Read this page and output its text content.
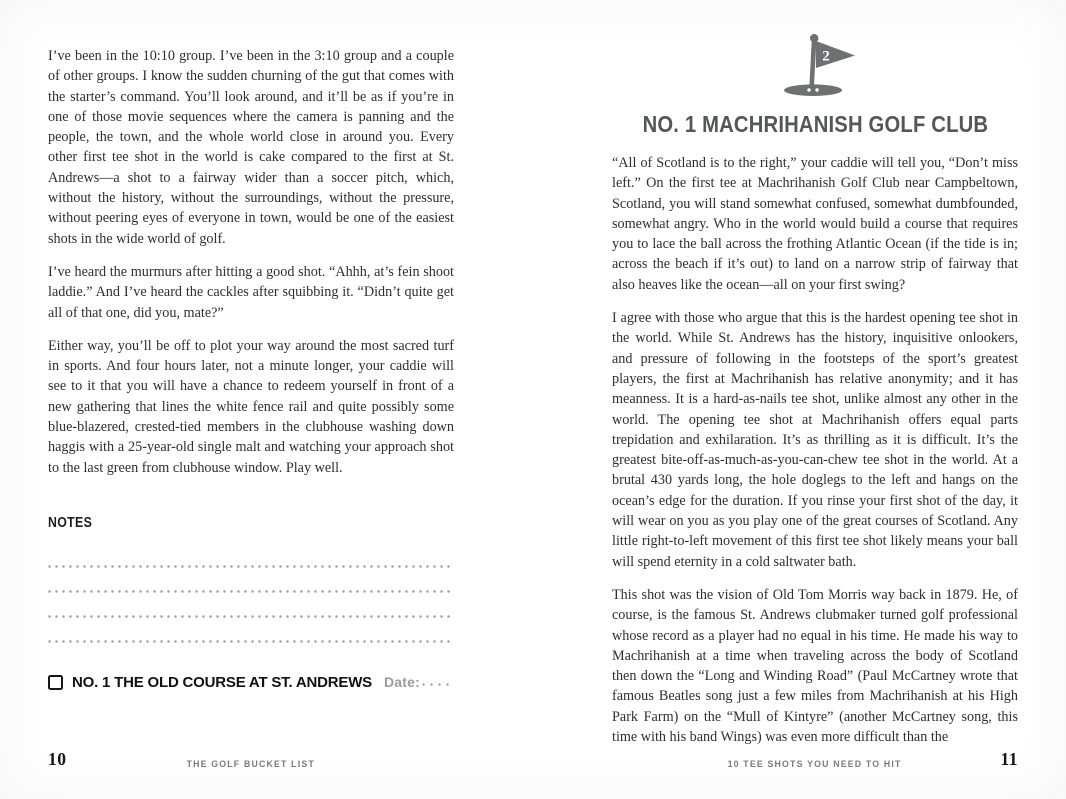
I’ve been in the 10:10 group. I’ve been in the 3:10 group and a couple of other groups. I know the sudden churning of the gut that comes with the starter’s command. You’ll look around, and it’ll be as if you’re in one of those movie sequences where the camera is panning and the people, the town, and the whole world close in around you. Every other first tee shot in the world is cake compared to the first at St. Andrews—a shot to a fairway wider than a soccer pitch, which, without the history, without the surroundings, without the pressure, without peering eyes of everyone in town, would be one of the easiest shots in the wide world of golf.

I’ve heard the murmurs after hitting a good shot. “Ahhh, at’s fein shoot laddie.” And I’ve heard the cackles after squibbing it. “Didn’t quite get all of that one, did you, mate?”

Either way, you’ll be off to plot your way around the most sacred turf in sports. And four hours later, not a minute longer, your caddie will see to it that you will have a chance to redeem yourself in front of a new gathering that lines the white fence rail and quite possibly some blue-blazered, crested-tied members in the clubhouse washing down haggis with a 25-year-old single malt and watching your approach shot to the last green from clubhouse window. Play well.

NOTES
NO. 1 THE OLD COURSE AT ST. ANDREWS Date:
10	THE GOLF BUCKET LIST
2
NO. 1 MACHRIHANISH GOLF CLUB

“All of Scotland is to the right,” your caddie will tell you, “Don’t miss left.” On the first tee at Machrihanish Golf Club near Campbeltown, Scotland, you will stand somewhat confused, somewhat dumbfounded, somewhat angry. Who in the world would build a course that requires you to lace the ball across the frothing Atlantic Ocean (if the tide is in; across the beach if it’s out) to land on a narrow strip of fairway that also heaves like the ocean—all on your first swing?

I agree with those who argue that this is the hardest opening tee shot in the world. While St. Andrews has the history, inquisitive onlookers, and pressure of following in the footsteps of the sport’s greatest players, the first at Machrihanish has relative anonymity; and it has meanness. It is a hard-as-nails tee shot, unlike almost any other in the world. The opening tee shot at Machrihanish offers equal parts trepidation and exhilaration. It’s as thrilling as it is difficult. It’s the greatest bite-off-as-much-as-you-can-chew tee shot in the world. At a brutal 430 yards long, the hole doglegs to the left and hangs on the ocean’s edge for the duration. If you rinse your first shot of the day, it will wear on you as you play one of the great courses of Scotland. Any little right-to-left movement of this first tee shot likely means your ball will spend eternity in a cold saltwater bath.

This shot was the vision of Old Tom Morris way back in 1879. He, of course, is the famous St. Andrews clubmaker turned golf professional whose record as a player had no equal in his time. He made his way to Machrihanish at a time when traveling across the body of Scotland then down the “Long and Winding Road” (Paul McCartney wrote that famous Beatles song just a few miles from Machrihanish at his High Park Farm) on the “Mull of Kintyre” (another McCartney song, this time with his band Wings) was even more difficult than the

10 TEE SHOTS YOU NEED TO HIT	11
